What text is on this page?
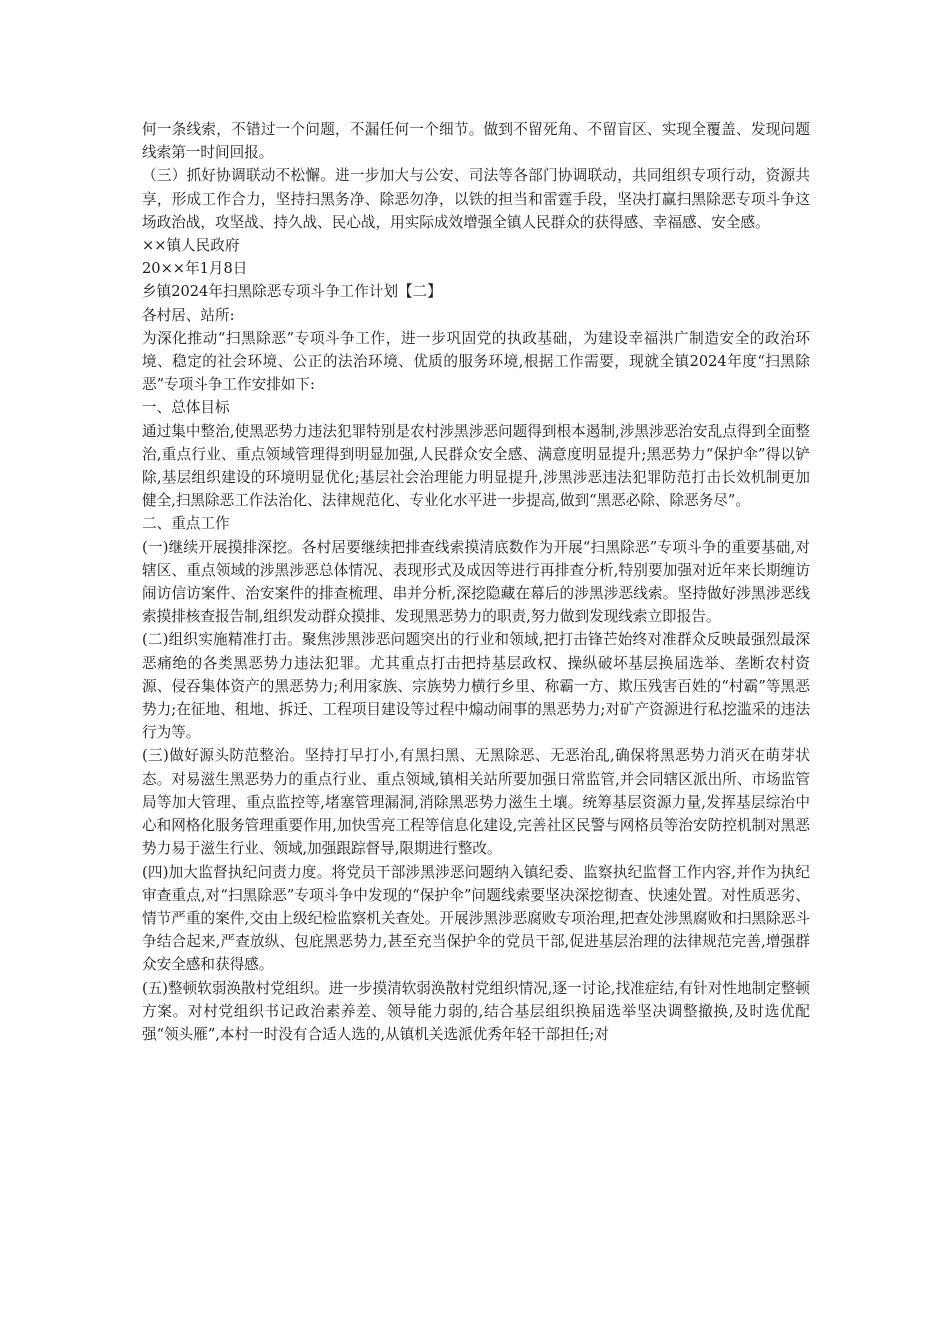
何一条线索，不错过一个问题，不漏任何一个细节。做到不留死角、不留盲区、实现全覆盖、发现问题线索第一时间回报。

（三）抓好协调联动不松懈。进一步加大与公安、司法等各部门协调联动，共同组织专项行动，资源共享，形成工作合力，坚持扫黑务净、除恶勿净，以铁的担当和雷霆手段，坚决打赢扫黑除恶专项斗争这场政治战，攻坚战、持久战、民心战，用实际成效增强全镇人民群众的获得感、幸福感、安全感。

××镇人民政府

20××年1月8日

乡镇2024年扫黑除恶专项斗争工作计划【二】

各村居、站所:

为深化推动“扫黑除恶”专项斗争工作，进一步巩固党的执政基础，为建设幸福洪广制造安全的政治环境、稳定的社会环境、公正的法治环境、优质的服务环境,根据工作需要，现就全镇2024年度“扫黑除恶”专项斗争工作安排如下:

一、总体目标

通过集中整治,使黑恶势力违法犯罪特别是农村涉黑涉恶问题得到根本遏制,涉黑涉恶治安乱点得到全面整治,重点行业、重点领域管理得到明显加强,人民群众安全感、满意度明显提升;黑恶势力“保护伞”得以铲除,基层组织建设的环境明显优化;基层社会治理能力明显提升,涉黑涉恶违法犯罪防范打击长效机制更加健全,扫黑除恶工作法治化、法律规范化、专业化水平进一步提高,做到“黑恶必除、除恶务尽”。

二、重点工作

(一)继续开展摸排深挖。各村居要继续把排查线索摸清底数作为开展“扫黑除恶”专项斗争的重要基础,对辖区、重点领域的涉黑涉恶总体情况、表现形式及成因等进行再排查分析,特别要加强对近年来长期缠访闹访信访案件、治安案件的排查梳理、串并分析,深挖隐藏在幕后的涉黑涉恶线索。坚持做好涉黑涉恶线索摸排核查报告制,组织发动群众摸排、发现黑恶势力的职责,努力做到发现线索立即报告。

(二)组织实施精准打击。聚焦涉黑涉恶问题突出的行业和领域,把打击锋芒始终对准群众反映最强烈最深恶痛绝的各类黑恶势力违法犯罪。尤其重点打击把持基层政权、操纵破坏基层换届选举、垄断农村资源、侵吞集体资产的黑恶势力;利用家族、宗族势力横行乡里、称霸一方、欺压残害百姓的“村霸”等黑恶势力;在征地、租地、拆迁、工程项目建设等过程中煽动闹事的黑恶势力;对矿产资源进行私挖滥采的违法行为等。

(三)做好源头防范整治。坚持打早打小,有黑扫黑、无黑除恶、无恶治乱,确保将黑恶势力消灭在萌芽状态。对易滋生黑恶势力的重点行业、重点领域,镇相关站所要加强日常监管,并会同辖区派出所、市场监管局等加大管理、重点监控等,堵塞管理漏洞,消除黑恶势力滋生土壤。统筹基层资源力量,发挥基层综治中心和网格化服务管理重要作用,加快雪亮工程等信息化建设,完善社区民警与网格员等治安防控机制对黑恶势力易于滋生行业、领域,加强跟踪督导,限期进行整改。

(四)加大监督执纪问责力度。将党员干部涉黑涉恶问题纳入镇纪委、监察执纪监督工作内容,并作为执纪审查重点,对“扫黑除恶”专项斗争中发现的“保护伞”问题线索要坚决深挖彻查、快速处置。对性质恶劣、情节严重的案件,交由上级纪检监察机关查处。开展涉黑涉恶腐败专项治理,把查处涉黑腐败和扫黑除恶斗争结合起来,严查放纵、包庇黑恶势力,甚至充当保护伞的党员干部,促进基层治理的法律规范完善,增强群众安全感和获得感。

(五)整顿软弱涣散村党组织。进一步摸清软弱涣散村党组织情况,逐一讨论,找准症结,有针对性地制定整顿方案。对村党组织书记政治素养差、领导能力弱的,结合基层组织换届选举坚决调整撤换,及时选优配强“领头雁”,本村一时没有合适人选的,从镇机关选派优秀年轻干部担任;对
